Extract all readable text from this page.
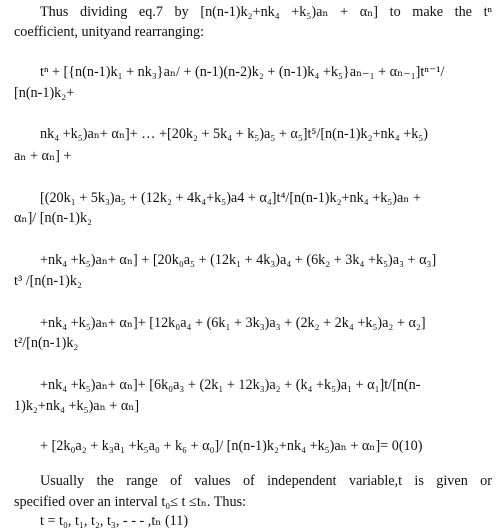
Thus dividing eq.7 by [n(n-1)k₂+nk₄ +k₅)aₙ + αₙ] to make the tⁿ
coefficient, unityand rearranging:
tⁿ + [{n(n-1)k₁ + nk₃}aₙ/ + (n-1)(n-2)k₂ + (n-1)k₄ +k₅}aₙ₋₁ + αₙ₋₁]tⁿ⁻¹/
[n(n-1)k₂+
nk₄ +k₅)aₙ+ αₙ]+ … +[20k₂ + 5k₄ + k₅)a₅ + α₅]t⁵/[n(n-1)k₂+nk₄ +k₅)
aₙ + αₙ] +
[(20k₁ + 5k₃)a₅ + (12k₂ + 4k₄+k₅)a4 + α₄]t⁴/[n(n-1)k₂+nk₄ +k₅)aₙ +
αₙ]/ [n(n-1)k₂
+nk₄ +k₅)aₙ+ αₙ] + [20k₀a₅ + (12k₁ + 4k₃)a₄ + (6k₂ + 3k₄ +k₅)a₃ + α₃]
t³ /[n(n-1)k₂
+nk₄ +k₅)aₙ+ αₙ]+ [12k₀a₄ + (6k₁ + 3k₃)a₃ + (2k₂ + 2k₄ +k₅)a₂ + α₂]
t²/[n(n-1)k₂
+nk₄ +k₅)aₙ+ αₙ]+ [6k₀a₃ + (2k₁ + 12k₃)a₂ + (k₄ +k₅)a₁ + α₁]t/[n(n-
1)k₂+nk₄ +k₅)aₙ + αₙ]
+ [2k₀a₂ + k₃a₁ +k₅a₀ + k₆ + α₀]/ [n(n-1)k₂+nk₄ +k₅)aₙ + αₙ]= 0(10)
Usually the range of values of independent variable,t is given or
specified over an interval t₀≤ t ≤tₙ. Thus:
t = t₀, t₁, t₂, t₃, - - - ,tₙ (11)
